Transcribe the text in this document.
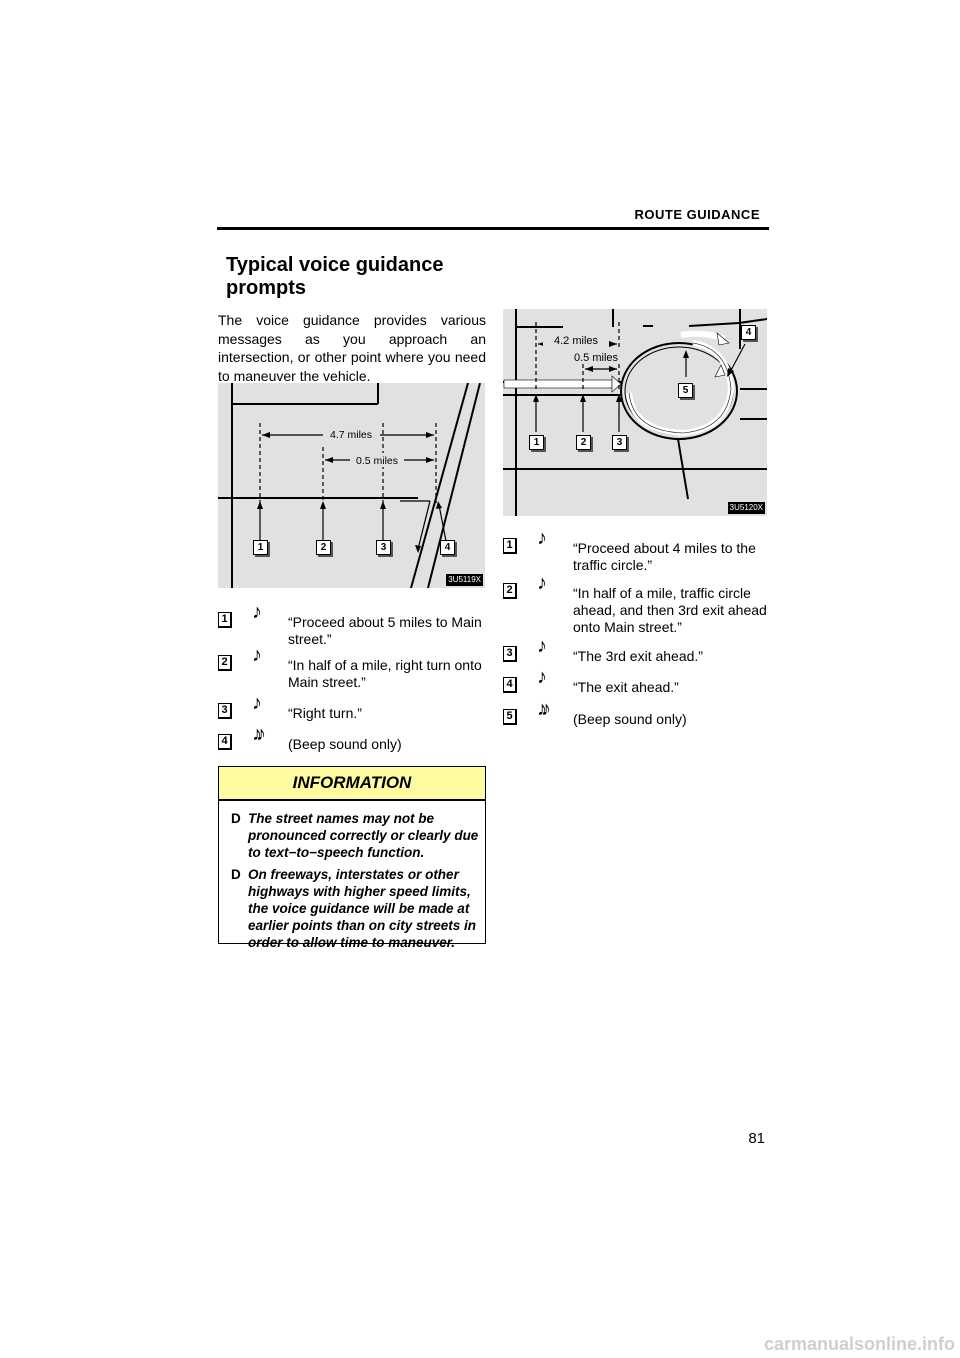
ROUTE GUIDANCE
Typical voice guidance
prompts
The voice guidance provides various messages as you approach an intersection, or other point where you need to maneuver the vehicle.
4.7 miles
0.5 miles
1	2	3	4
3U5119X
1 ♪ “Proceed about 5 miles to Main
street.”
2 ♪ “In half of a mile, right turn onto
Main street.”
3 ♪ “Right turn.”
4 ♪♪ (Beep sound only)
INFORMATION
D The street names may not be pronounced correctly or clearly due to text−to−speech function.
D On freeways, interstates or other highways with higher speed limits, the voice guidance will be made at earlier points than on city streets in order to allow time to maneuver.
4.2 miles
0.5 miles
1	2	3
4
5
3U5120X
1 ♪ “Proceed about 4 miles to the
traffic circle.”
2 ♪ “In half of a mile, traffic circle
ahead, and then 3rd exit ahead
onto Main street.”
3 ♪ “The 3rd exit ahead.”
4 ♪ “The exit ahead.”
5 ♪♪ (Beep sound only)
81
carmanualsonline.info
